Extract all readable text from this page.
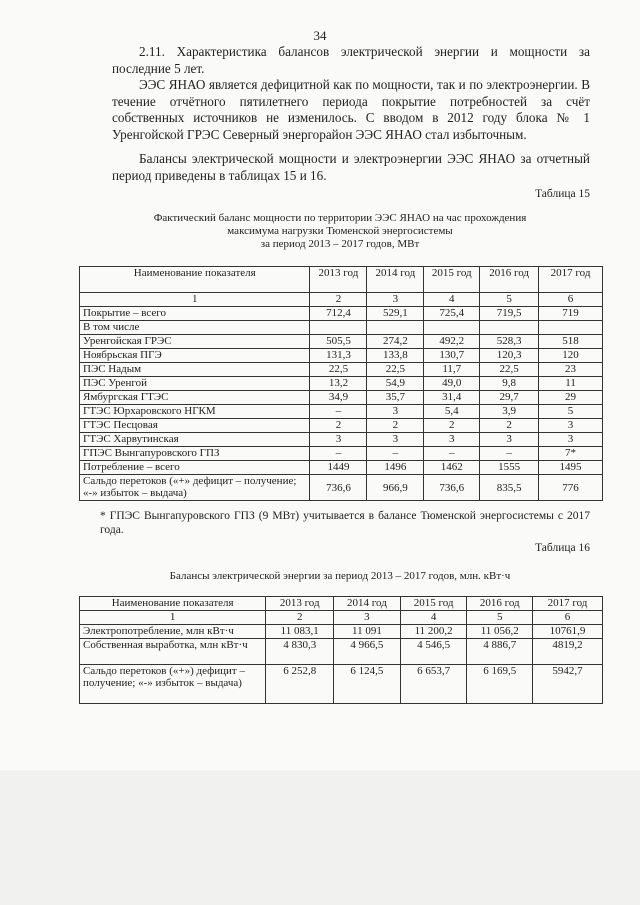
34

2.11. Характеристика балансов электрической энергии и мощности за последние 5 лет.

ЭЭС ЯНАО является дефицитной как по мощности, так и по электроэнергии. В течение отчётного пятилетнего периода покрытие потребностей за счёт собственных источников не изменилось. С вводом в 2012 году блока № 1 Уренгойской ГРЭС Северный энергорайон ЭЭС ЯНАО стал избыточным.

Балансы электрической мощности и электроэнергии ЭЭС ЯНАО за отчетный период приведены в таблицах 15 и 16.

Таблица 15
Фактический баланс мощности по территории ЭЭС ЯНАО на час прохождения
максимума нагрузки Тюменской энергосистемы
за период 2013 – 2017 годов, МВт
Наименование показателя	2013 год	2014 год	2015 год	2016 год	2017 год
1	2	3	4	5	6
Покрытие – всего	712,4	529,1	725,4	719,5	719
В том числе					
Уренгойская ГРЭС	505,5	274,2	492,2	528,3	518
Ноябрьская ПГЭ	131,3	133,8	130,7	120,3	120
ПЭС Надым	22,5	22,5	11,7	22,5	23
ПЭС Уренгой	13,2	54,9	49,0	9,8	11
Ямбургская ГТЭС	34,9	35,7	31,4	29,7	29
ГТЭС Юрхаровского НГКМ	–	3	5,4	3,9	5
ГТЭС Песцовая	2	2	2	2	3
ГТЭС Харвутинская	3	3	3	3	3
ГПЭС Вынгапуровского ГПЗ	–	–	–	–	7*
Потребление – всего	1449	1496	1462	1555	1495
Сальдо перетоков («+» дефицит – получение; «-» избыток – выдача)	736,6	966,9	736,6	835,5	776
* ГПЭС Вынгапуровского ГПЗ (9 МВт) учитывается в балансе Тюменской энергосистемы с 2017 года.
Таблица 16
Балансы электрической энергии за период 2013 – 2017 годов, млн. кВт·ч
Наименование показателя	2013 год	2014 год	2015 год	2016 год	2017 год
1	2	3	4	5	6
Электропотребление, млн кВт·ч	11 083,1	11 091	11 200,2	11 056,2	10761,9
Собственная выработка, млн кВт·ч	4 830,3	4 966,5	4 546,5	4 886,7	4819,2
Сальдо перетоков («+») дефицит – получение; «-» избыток – выдача)	6 252,8	6 124,5	6 653,7	6 169,5	5942,7
